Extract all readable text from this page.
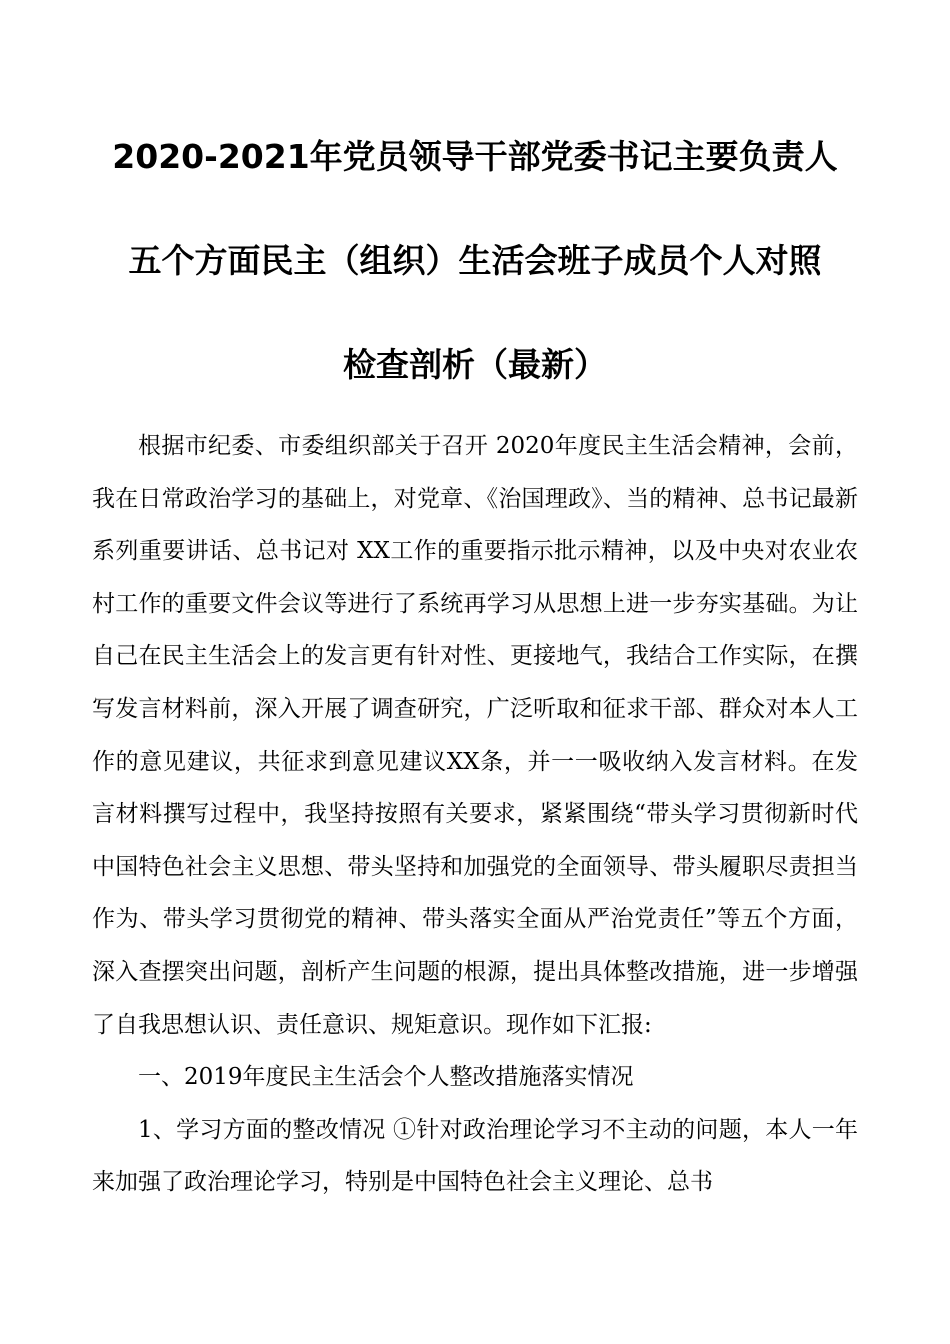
2020-2021年党员领导干部党委书记主要负责人
五个方面民主（组织）生活会班子成员个人对照
检查剖析（最新）

根据市纪委、市委组织部关于召开 2020年度民主生活会精神，会前，我在日常政治学习的基础上，对党章、《治国理政》、当的精神、总书记最新系列重要讲话、总书记对 XX工作的重要指示批示精神，以及中央对农业农村工作的重要文件会议等进行了系统再学习从思想上进一步夯实基础。为让自己在民主生活会上的发言更有针对性、更接地气，我结合工作实际，在撰写发言材料前，深入开展了调查研究，广泛听取和征求干部、群众对本人工作的意见建议，共征求到意见建议XX条，并一一吸收纳入发言材料。在发言材料撰写过程中，我坚持按照有关要求，紧紧围绕“带头学习贯彻新时代中国特色社会主义思想、带头坚持和加强党的全面领导、带头履职尽责担当作为、带头学习贯彻党的精神、带头落实全面从严治党责任”等五个方面，深入查摆突出问题，剖析产生问题的根源，提出具体整改措施，进一步增强了自我思想认识、责任意识、规矩意识。现作如下汇报:

一、2019年度民主生活会个人整改措施落实情况

1、学习方面的整改情况 ①针对政治理论学习不主动的问题，本人一年来加强了政治理论学习，特别是中国特色社会主义理论、总书
